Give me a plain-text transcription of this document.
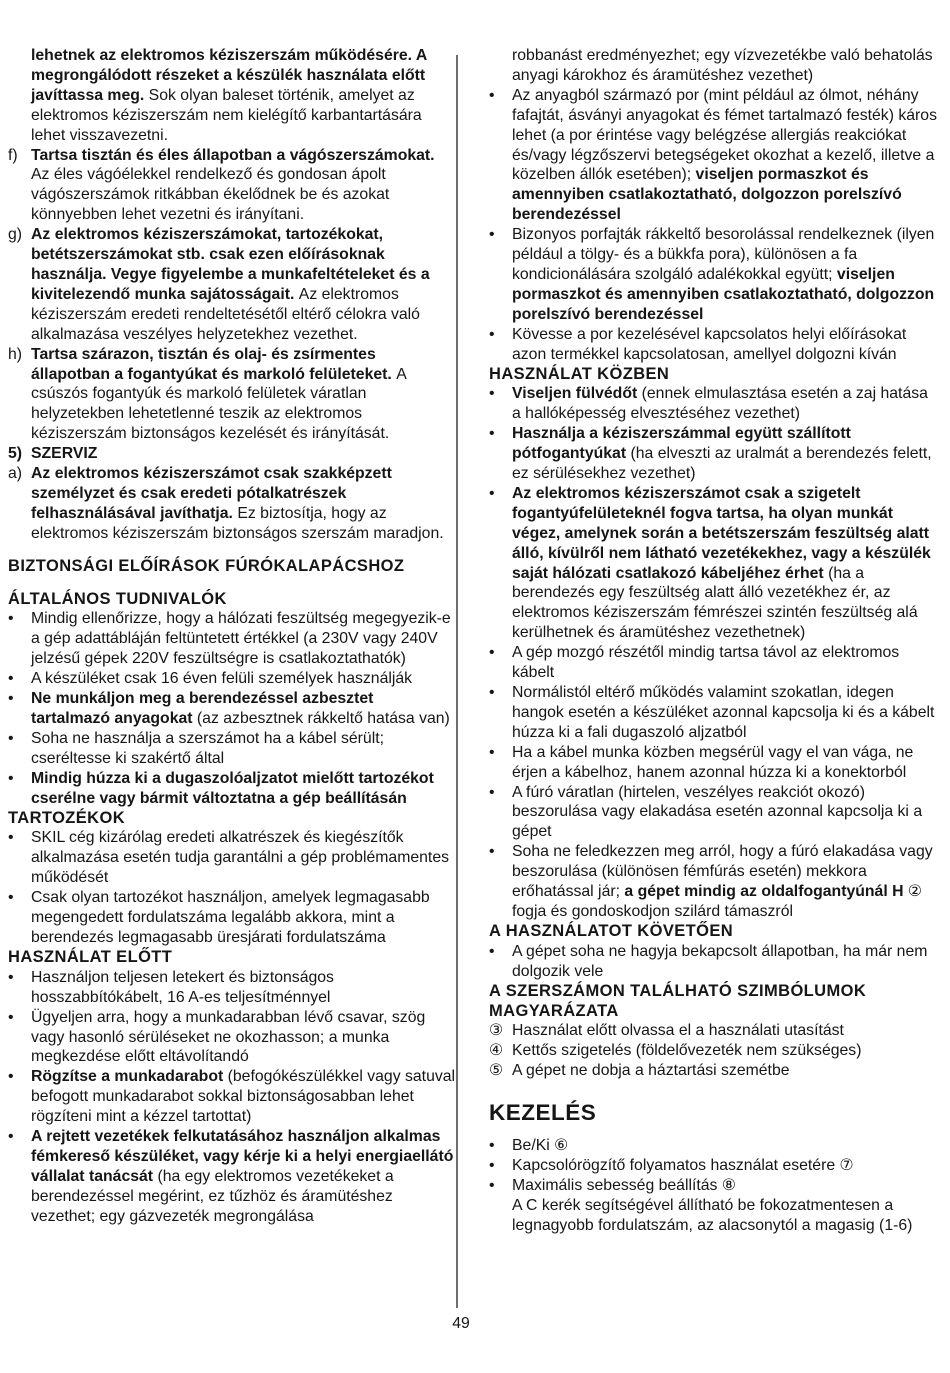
lehetnek az elektromos kéziszerszám működésére. A megrongálódott részeket a készülék használata előtt javíttassa meg. Sok olyan baleset történik, amelyet az elektromos kéziszerszám nem kielégítő karbantartására lehet visszavezetni.
f) Tartsa tisztán és éles állapotban a vágószerszámokat. Az éles vágóélekkel rendelkező és gondosan ápolt vágószerszámok ritkábban ékelődnek be és azokat könnyebben lehet vezetni és irányítani.
g) Az elektromos kéziszerszámokat, tartozékokat, betétszerszámokat stb. csak ezen előírásoknak használja. Vegye figyelembe a munkafeltételeket és a kivitelezendő munka sajátosságait. Az elektromos kéziszerszám eredeti rendeltetésétől eltérő célokra való alkalmazása veszélyes helyzetekhez vezethet.
h) Tartsa szárazon, tisztán és olaj- és zsírmentes állapotban a fogantyúkat és markoló felületeket. A csúszós fogantyúk és markoló felületek váratlan helyzetekben lehetetlenné teszik az elektromos kéziszerszám biztonságos kezelését és irányítását.
5) SZERVIZ
a) Az elektromos kéziszerszámot csak szakképzett személyzet és csak eredeti pótalkatrészek felhasználásával javíthatja. Ez biztosítja, hogy az elektromos kéziszerszám biztonságos szerszám maradjon.
BIZTONSÁGI ELŐÍRÁSOK FÚRÓKALAPÁCSHOZ
ÁLTALÁNOS TUDNIVALÓK
• Mindig ellenőrizze, hogy a hálózati feszültség megegyezik-e a gép adattábláján feltüntetett értékkel (a 230V vagy 240V jelzésű gépek 220V feszültségre is csatlakoztathatók)
• A készüléket csak 16 éven felüli személyek használják
• Ne munkáljon meg a berendezéssel azbesztet tartalmazó anyagokat (az azbesztnek rákkeltő hatása van)
• Soha ne használja a szerszámot ha a kábel sérült; cseréltesse ki szakértő által
• Mindig húzza ki a dugaszolóaljzatot mielőtt tartozékot cserélne vagy bármit változtatna a gép beállításán
TARTOZÉKOK
• SKIL cég kizárólag eredeti alkatrészek és kiegészítők alkalmazása esetén tudja garantálni a gép problémamentes működését
• Csak olyan tartozékot használjon, amelyek legmagasabb megengedett fordulatszáma legalább akkora, mint a berendezés legmagasabb üresjárati fordulatszáma
HASZNÁLAT ELŐTT
• Használjon teljesen letekert és biztonságos hosszabbítókábelt, 16 A-es teljesítménnyel
• Ügyeljen arra, hogy a munkadarabban lévő csavar, szög vagy hasonló sérüléseket ne okozhasson; a munka megkezdése előtt eltávolítandó
• Rögzítse a munkadarabot (befogókészülékkel vagy satuval befogott munkadarabot sokkal biztonságosabban lehet rögzíteni mint a kézzel tartottat)
• A rejtett vezetékek felkutatásához használjon alkalmas fémkereső készüléket, vagy kérje ki a helyi energiaellátó vállalat tanácsát (ha egy elektromos vezetékeket a berendezéssel megérint, ez tűzhöz és áramütéshez vezethet; egy gázvezeték megrongálása
robbanást eredményezhet; egy vízvezetékbe való behatolás anyagi károkhoz és áramütéshez vezethet)
• Az anyagból származó por (mint például az ólmot, néhány fafajtát, ásványi anyagokat és fémet tartalmazó festék) káros lehet (a por érintése vagy belégzése allergiás reakciókat és/vagy légzőszervi betegségeket okozhat a kezelő, illetve a közelben állók esetében); viseljen pormaszkot és amennyiben csatlakoztatható, dolgozzon porelszívó berendezéssel
• Bizonyos porfajták rákkeltő besorolással rendelkeznek (ilyen például a tölgy- és a bükkfa pora), különösen a fa kondicionálására szolgáló adalékokkal együtt; viseljen pormaszkot és amennyiben csatlakoztatható, dolgozzon porelszívó berendezéssel
• Kövesse a por kezelésével kapcsolatos helyi előírásokat azon termékkel kapcsolatosan, amellyel dolgozni kíván
HASZNÁLAT KÖZBEN
• Viseljen fülvédőt (ennek elmulasztása esetén a zaj hatása a hallóképesség elvesztéséhez vezethet)
• Használja a kéziszerszámmal együtt szállított pótfogantyúkat (ha elveszti az uralmát a berendezés felett, ez sérülésekhez vezethet)
• Az elektromos kéziszerszámot csak a szigetelt fogantyúfelületeknél fogva tartsa, ha olyan munkát végez, amelynek során a betétszerszám feszültség alatt álló, kívülről nem látható vezetékekhez, vagy a készülék saját hálózati csatlakozó kábeljéhez érhet (ha a berendezés egy feszültség alatt álló vezetékhez ér, az elektromos kéziszerszám fémrészei szintén feszültség alá kerülhetnek és áramütéshez vezethetnek)
• A gép mozgó részétől mindig tartsa távol az elektromos kábelt
• Normálistól eltérő működés valamint szokatlan, idegen hangok esetén a készüléket azonnal kapcsolja ki és a kábelt húzza ki a fali dugaszoló aljzatból
• Ha a kábel munka közben megsérül vagy el van vága, ne érjen a kábelhoz, hanem azonnal húzza ki a konektorból
• A fúró váratlan (hirtelen, veszélyes reakciót okozó) beszorulása vagy elakadása esetén azonnal kapcsolja ki a gépet
• Soha ne feledkezzen meg arról, hogy a fúró elakadása vagy beszorulása (különösen fémfúrás esetén) mekkora erőhatással jár; a gépet mindig az oldalfogantyúnál H ② fogja és gondoskodjon szilárd támaszról
A HASZNÁLATOT KÖVETŐEN
• A gépet soha ne hagyja bekapcsolt állapotban, ha már nem dolgozik vele
A SZERSZÁMON TALÁLHATÓ SZIMBÓLUMOK MAGYARÁZATA
③ Használat előtt olvassa el a használati utasítást
④ Kettős szigetelés (földelővezeték nem szükséges)
⑤ A gépet ne dobja a háztartási szemétbe
KEZELÉS
• Be/Ki ⑥
• Kapcsolórögzítő folyamatos használat esetére ⑦
• Maximális sebesség beállítás ⑧
A C kerék segítségével állítható be fokozatmentesen a legnagyobb fordulatszám, az alacsonytól a magasig (1-6)
49
